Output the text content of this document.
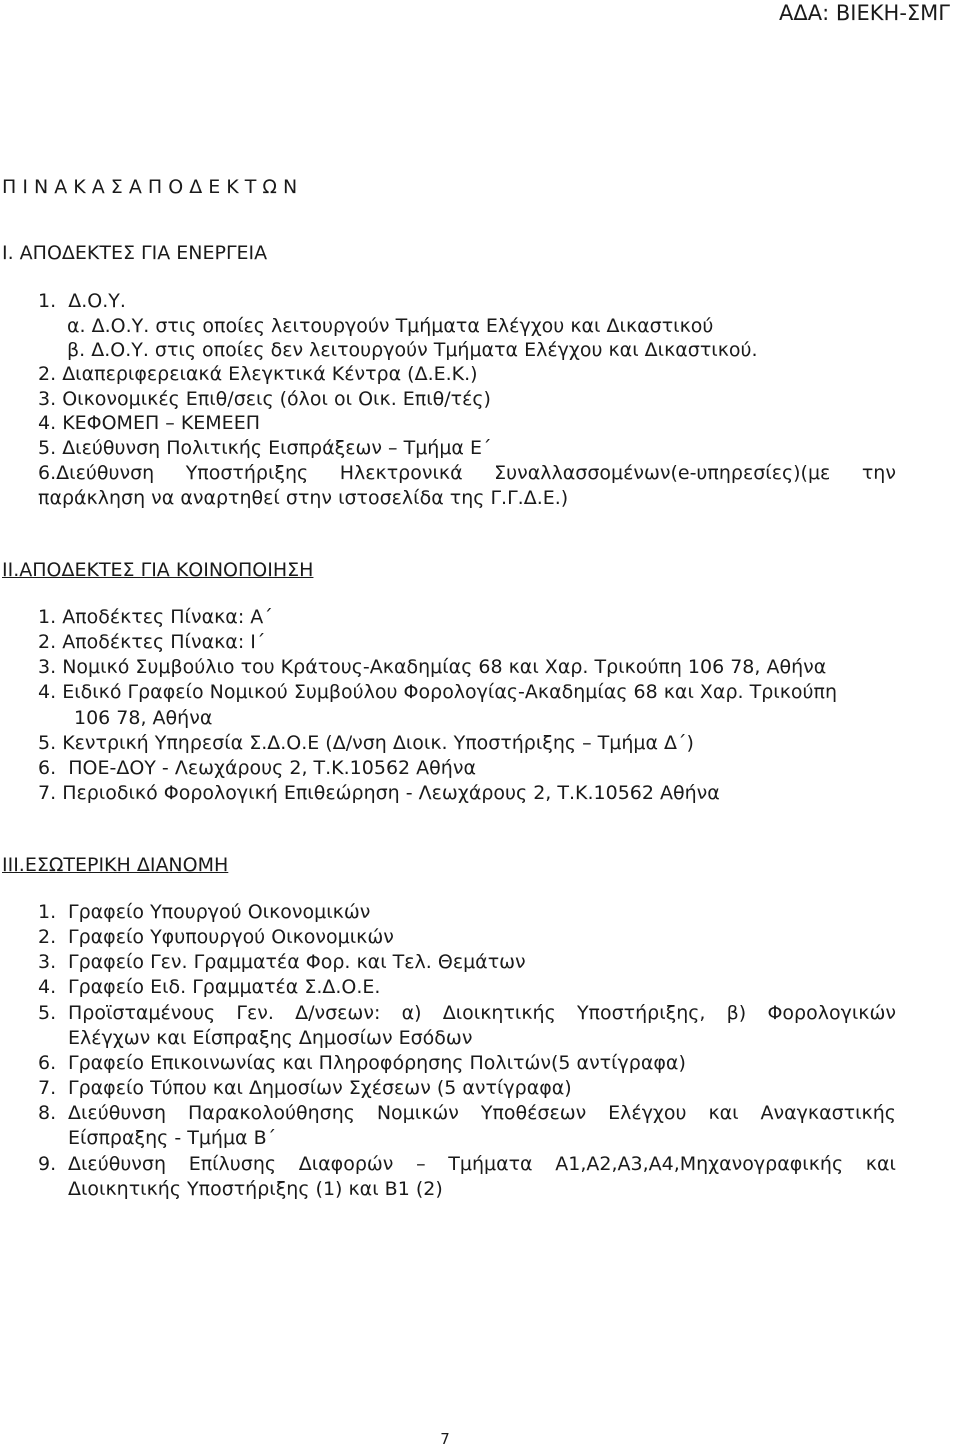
ΑΔΑ: ΒΙΕΚΗ-ΣΜΓ
Π Ι Ν Α Κ Α Σ Α Π Ο Δ Ε Κ Τ Ω Ν
Ι. ΑΠΟΔΕΚΤΕΣ ΓΙΑ ΕΝΕΡΓΕΙΑ
1. Δ.Ο.Υ.
α. Δ.Ο.Υ. στις οποίες λειτουργούν Τμήματα Ελέγχου και Δικαστικού
β. Δ.Ο.Υ. στις οποίες δεν λειτουργούν Τμήματα Ελέγχου και Δικαστικού.
2. Διαπεριφερειακά Ελεγκτικά Κέντρα (Δ.Ε.Κ.)
3. Οικονομικές Επιθ/σεις (όλοι οι Οικ. Επιθ/τές)
4. ΚΕΦΟΜΕΠ – ΚΕΜΕΕΠ
5. Διεύθυνση Πολιτικής Εισπράξεων – Τμήμα Ε΄
6.Διεύθυνση Υποστήριξης Ηλεκτρονικά Συναλλασσομένων(e-υπηρεσίες)(με την
παράκληση να αναρτηθεί στην ιστοσελίδα της Γ.Γ.Δ.Ε.)
ΙΙ.ΑΠΟΔΕΚΤΕΣ ΓΙΑ ΚΟΙΝΟΠΟΙΗΣΗ
1. Αποδέκτες Πίνακα: Α΄
2. Αποδέκτες Πίνακα: Ι΄
3. Νομικό Συμβούλιο του Κράτους-Ακαδημίας 68 και Χαρ. Τρικούπη 106 78, Αθήνα
4. Ειδικό Γραφείο Νομικού Συμβούλου Φορολογίας-Ακαδημίας 68 και Χαρ. Τρικούπη
106 78, Αθήνα
5. Κεντρική Υπηρεσία Σ.Δ.Ο.Ε (Δ/νση Διοικ. Υποστήριξης – Τμήμα Δ΄)
6.  ΠΟΕ-ΔΟΥ - Λεωχάρους 2, Τ.Κ.10562 Αθήνα
7. Περιοδικό Φορολογική Επιθεώρηση - Λεωχάρους 2, Τ.Κ.10562 Αθήνα
ΙΙΙ.ΕΣΩΤΕΡΙΚΗ ΔΙΑΝΟΜΗ
1. Γραφείο Υπουργού Οικονομικών
2. Γραφείο Υφυπουργού Οικονομικών
3. Γραφείο Γεν. Γραμματέα Φορ. και Τελ. Θεμάτων
4. Γραφείο Ειδ. Γραμματέα Σ.Δ.Ο.Ε.
5. Προϊσταμένους Γεν. Δ/νσεων: α) Διοικητικής Υποστήριξης, β) Φορολογικών
Ελέγχων και Είσπραξης Δημοσίων Εσόδων
6. Γραφείο Επικοινωνίας και Πληροφόρησης Πολιτών(5 αντίγραφα)
7. Γραφείο Τύπου και Δημοσίων Σχέσεων (5 αντίγραφα)
8. Διεύθυνση Παρακολούθησης Νομικών Υποθέσεων Ελέγχου και Αναγκαστικής
Είσπραξης - Τμήμα Β΄
9. Διεύθυνση Επίλυσης Διαφορών – Τμήματα Α1,Α2,Α3,Α4,Μηχανογραφικής και
Διοικητικής Υποστήριξης (1) και Β1 (2)
7
